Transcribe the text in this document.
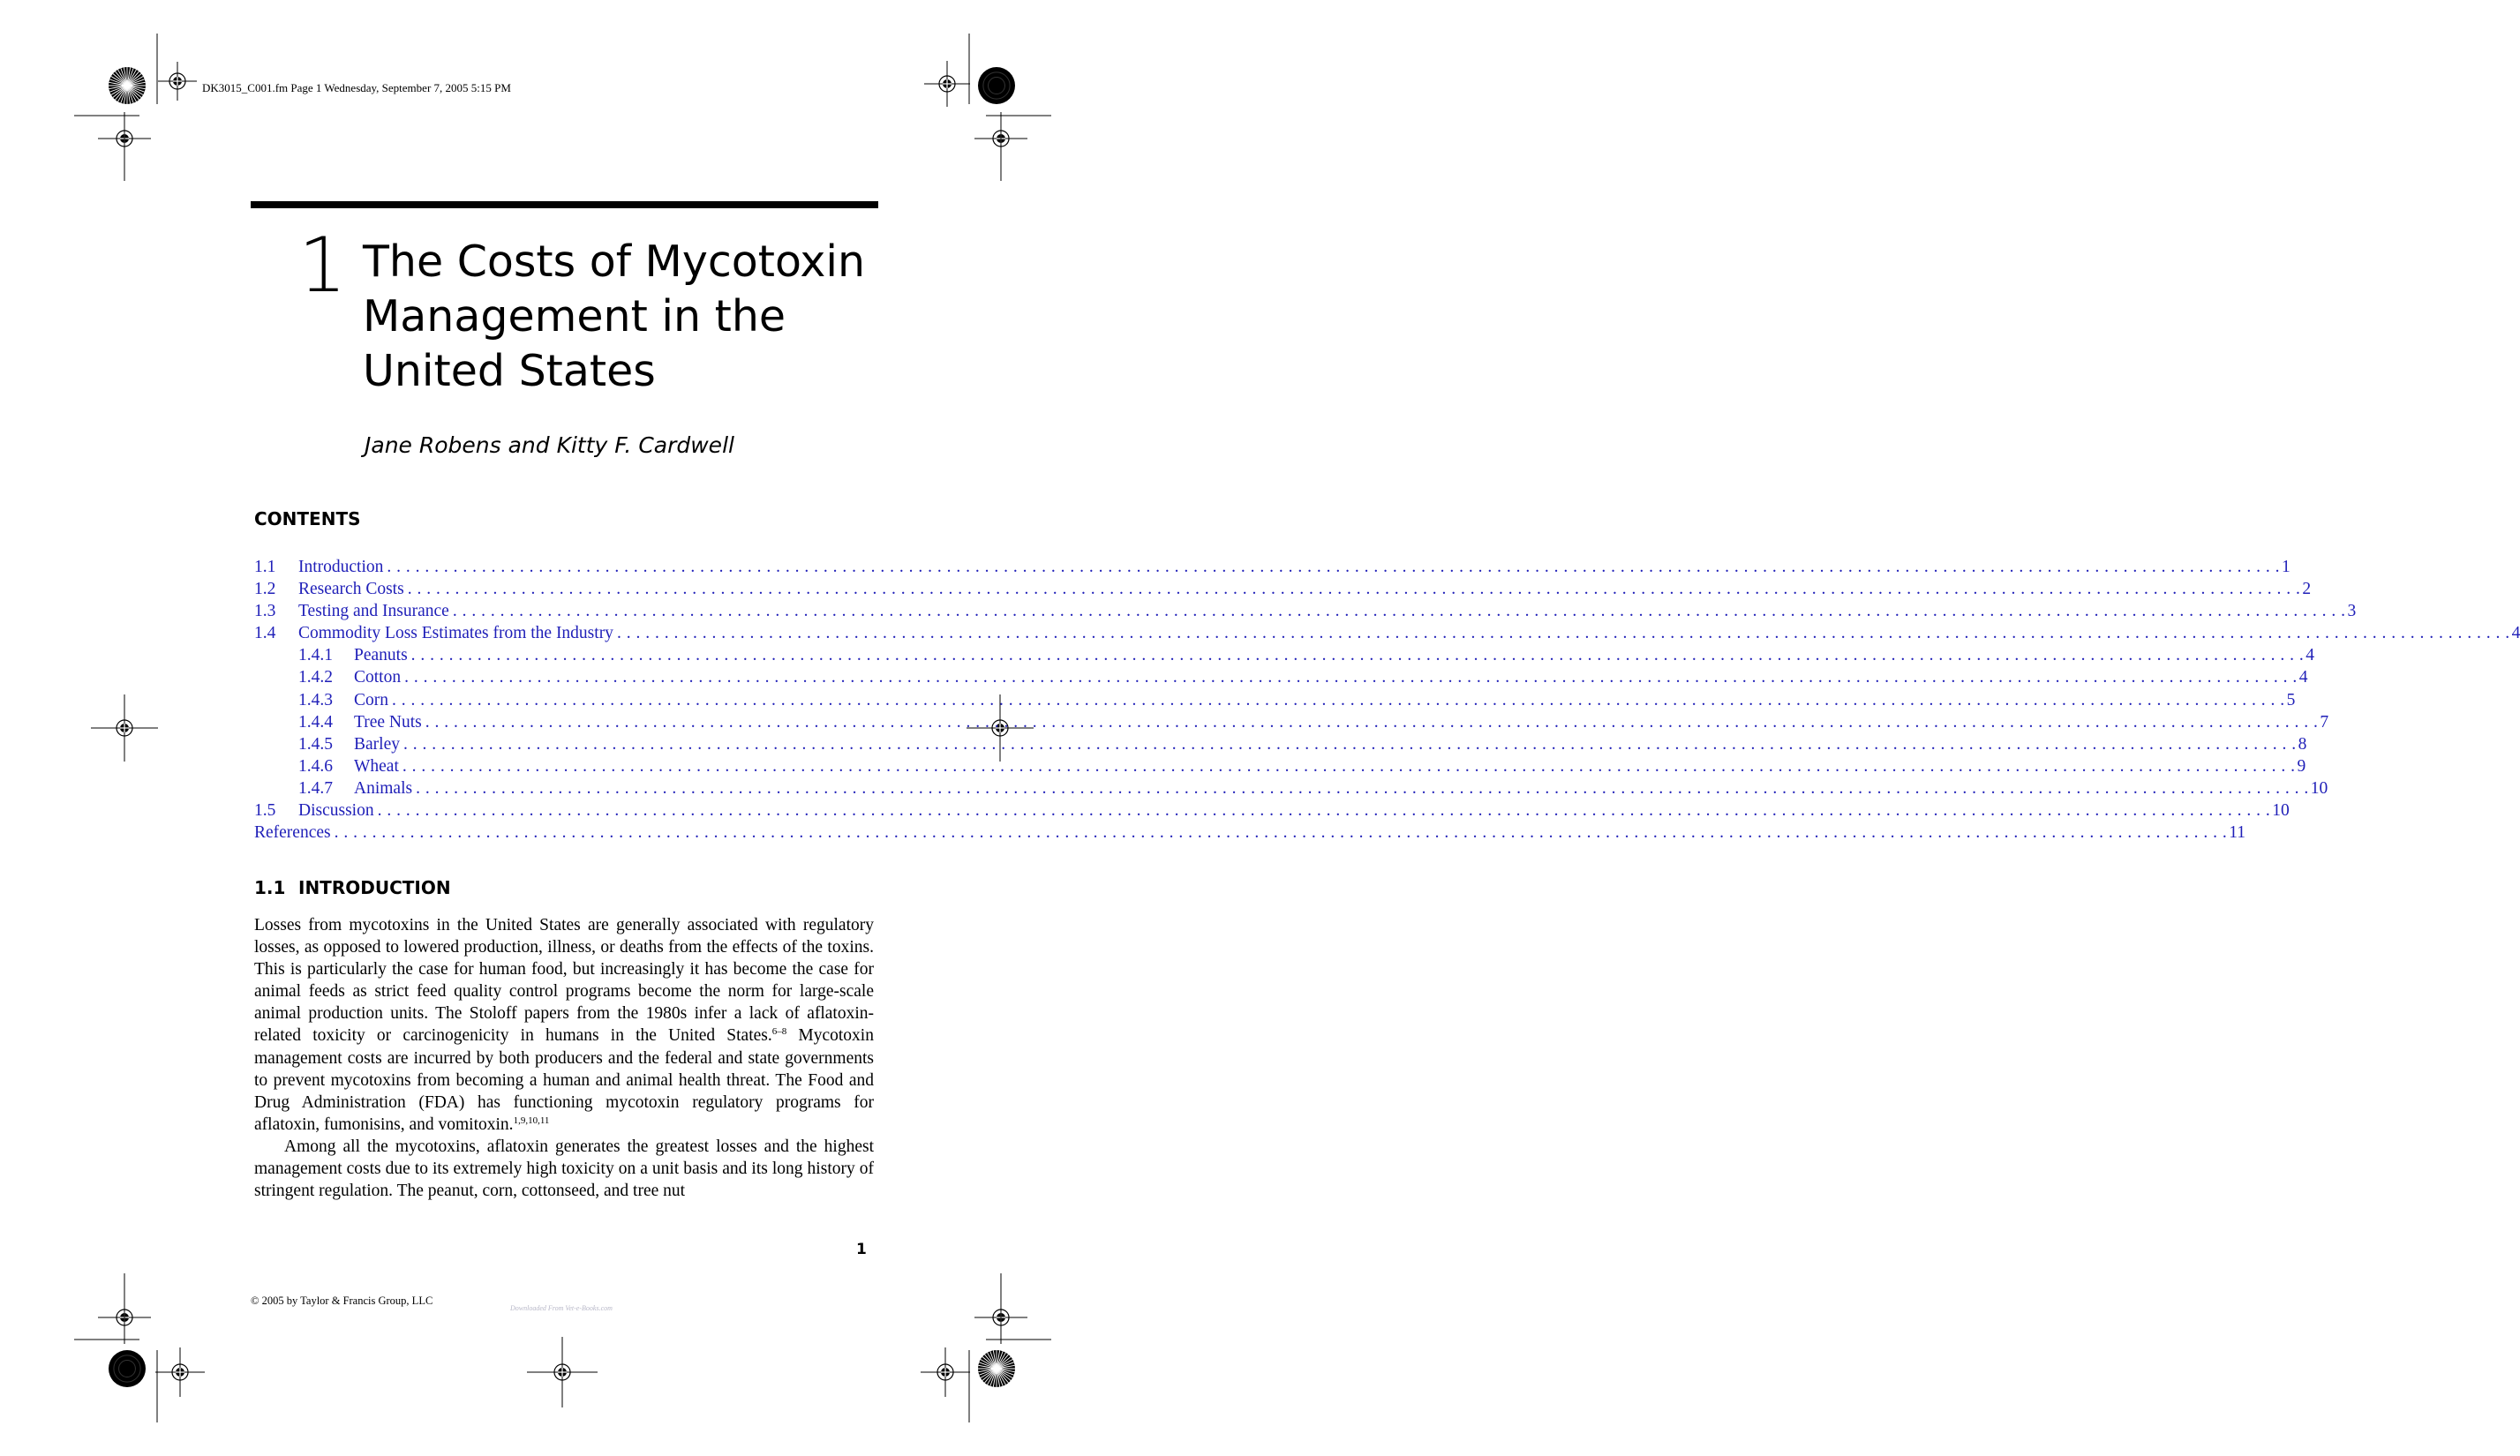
DK3015_C001.fm Page 1 Wednesday, September 7, 2005 5:15 PM
1 The Costs of Mycotoxin
Management in the
United States
Jane Robens and Kitty F. Cardwell
CONTENTS
1.1 Introduction . . . . . . . . . . . . . . . . . . . . . . . . . . . . . . . . . . . . . . . . . . . . . . . . . . . . . . . . . . . . . . . . . . . . . . . . . . . . . . . . . . . . . . . . . . . . . . . . . . . . . . . . . . . . . . . . . . . . . . . . . . . . . . . . . . . . . . . . . . . . . . . . . . . . . . . . . . . . . . . . . . . . . . . . . . . . . . . . . . . . . . . . . . . . . . . . . . . . . . . . 1
1.2 Research Costs . . . . . . . . . . . . . . . . . . . . . . . . . . . . . . . . . . . . . . . . . . . . . . . . . . . . . . . . . . . . . . . . . . . . . . . . . . . . . . . . . . . . . . . . . . . . . . . . . . . . . . . . . . . . . . . . . . . . . . . . . . . . . . . . . . . . . . . . . . . . . . . . . . . . . . . . . . . . . . . . . . . . . . . . . . . . . . . . . . . . . . . . . . . . . . . . . . . . . . . . 2
1.3 Testing and Insurance . . . . . . . . . . . . . . . . . . . . . . . . . . . . . . . . . . . . . . . . . . . . . . . . . . . . . . . . . . . . . . . . . . . . . . . . . . . . . . . . . . . . . . . . . . . . . . . . . . . . . . . . . . . . . . . . . . . . . . . . . . . . . . . . . . . . . . . . . . . . . . . . . . . . . . . . . . . . . . . . . . . . . . . . . . . . . . . . . . . . . . . . . . . . . . . . . . . . . . . . 3
1.4 Commodity Loss Estimates from the Industry . . . . . . . . . . . . . . . . . . . . . . . . . . . . . . . . . . . . . . . . . . . . . . . . . . . . . . . . . . . . . . . . . . . . . . . . . . . . . . . . . . . . . . . . . . . . . . . . . . . . . . . . . . . . . . . . . . . . . . . . . . . . . . . . . . . . . . . . . . . . . . . . . . . . . . . . . . . . . . . . . . . . . . . . . . . . . . . . . . . . . . . . . . . . . . . . . . . . . . . . 4
1.4.1 Peanuts . . . . . . . . . . . . . . . . . . . . . . . . . . . . . . . . . . . . . . . . . . . . . . . . . . . . . . . . . . . . . . . . . . . . . . . . . . . . . . . . . . . . . . . . . . . . . . . . . . . . . . . . . . . . . . . . . . . . . . . . . . . . . . . . . . . . . . . . . . . . . . . . . . . . . . . . . . . . . . . . . . . . . . . . . . . . . . . . . . . . . . . . . . . . . . . . . . . . . . . . 4
1.4.2 Cotton . . . . . . . . . . . . . . . . . . . . . . . . . . . . . . . . . . . . . . . . . . . . . . . . . . . . . . . . . . . . . . . . . . . . . . . . . . . . . . . . . . . . . . . . . . . . . . . . . . . . . . . . . . . . . . . . . . . . . . . . . . . . . . . . . . . . . . . . . . . . . . . . . . . . . . . . . . . . . . . . . . . . . . . . . . . . . . . . . . . . . . . . . . . . . . . . . . . . . . . . 4
1.4.3 Corn . . . . . . . . . . . . . . . . . . . . . . . . . . . . . . . . . . . . . . . . . . . . . . . . . . . . . . . . . . . . . . . . . . . . . . . . . . . . . . . . . . . . . . . . . . . . . . . . . . . . . . . . . . . . . . . . . . . . . . . . . . . . . . . . . . . . . . . . . . . . . . . . . . . . . . . . . . . . . . . . . . . . . . . . . . . . . . . . . . . . . . . . . . . . . . . . . . . . . . . . 5
1.4.4 Tree Nuts . . . . . . . . . . . . . . . . . . . . . . . . . . . . . . . . . . . . . . . . . . . . . . . . . . . . . . . . . . . . . . . . . . . . . . . . . . . . . . . . . . . . . . . . . . . . . . . . . . . . . . . . . . . . . . . . . . . . . . . . . . . . . . . . . . . . . . . . . . . . . . . . . . . . . . . . . . . . . . . . . . . . . . . . . . . . . . . . . . . . . . . . . . . . . . . . . . . . . . . . 7
1.4.5 Barley . . . . . . . . . . . . . . . . . . . . . . . . . . . . . . . . . . . . . . . . . . . . . . . . . . . . . . . . . . . . . . . . . . . . . . . . . . . . . . . . . . . . . . . . . . . . . . . . . . . . . . . . . . . . . . . . . . . . . . . . . . . . . . . . . . . . . . . . . . . . . . . . . . . . . . . . . . . . . . . . . . . . . . . . . . . . . . . . . . . . . . . . . . . . . . . . . . . . . . . . 8
1.4.6 Wheat . . . . . . . . . . . . . . . . . . . . . . . . . . . . . . . . . . . . . . . . . . . . . . . . . . . . . . . . . . . . . . . . . . . . . . . . . . . . . . . . . . . . . . . . . . . . . . . . . . . . . . . . . . . . . . . . . . . . . . . . . . . . . . . . . . . . . . . . . . . . . . . . . . . . . . . . . . . . . . . . . . . . . . . . . . . . . . . . . . . . . . . . . . . . . . . . . . . . . . . . 9
1.4.7 Animals . . . . . . . . . . . . . . . . . . . . . . . . . . . . . . . . . . . . . . . . . . . . . . . . . . . . . . . . . . . . . . . . . . . . . . . . . . . . . . . . . . . . . . . . . . . . . . . . . . . . . . . . . . . . . . . . . . . . . . . . . . . . . . . . . . . . . . . . . . . . . . . . . . . . . . . . . . . . . . . . . . . . . . . . . . . . . . . . . . . . . . . . . . . . . . . . . . . . . . . . 10
1.5 Discussion . . . . . . . . . . . . . . . . . . . . . . . . . . . . . . . . . . . . . . . . . . . . . . . . . . . . . . . . . . . . . . . . . . . . . . . . . . . . . . . . . . . . . . . . . . . . . . . . . . . . . . . . . . . . . . . . . . . . . . . . . . . . . . . . . . . . . . . . . . . . . . . . . . . . . . . . . . . . . . . . . . . . . . . . . . . . . . . . . . . . . . . . . . . . . . . . . . . . . . . . 10
References . . . . . . . . . . . . . . . . . . . . . . . . . . . . . . . . . . . . . . . . . . . . . . . . . . . . . . . . . . . . . . . . . . . . . . . . . . . . . . . . . . . . . . . . . . . . . . . . . . . . . . . . . . . . . . . . . . . . . . . . . . . . . . . . . . . . . . . . . . . . . . . . . . . . . . . . . . . . . . . . . . . . . . . . . . . . . . . . . . . . . . . . . . . . . . . . . . . . . . . . 11
1.1 INTRODUCTION

Losses from mycotoxins in the United States are generally associated with regulatory losses, as opposed to lowered production, illness, or deaths from the effects of the toxins. This is particularly the case for human food, but increasingly it has become the case for animal feeds as strict feed quality control programs become the norm for large-scale animal production units. The Stoloff papers from the 1980s infer a lack of aflatoxin-related toxicity or carcinogenicity in humans in the United States.$^{6-8}$ Mycotoxin management costs are incurred by both producers and the federal and state governments to prevent mycotoxins from becoming a human and animal health threat. The Food and Drug Administration (FDA) has functioning mycotoxin regulatory programs for aflatoxin, fumonisins, and vomitoxin.$^{1,9,10,11}$

Among all the mycotoxins, aflatoxin generates the greatest losses and the highest management costs due to its extremely high toxicity on a unit basis and its long history of stringent regulation. The peanut, corn, cottonseed, and tree nut

1
© 2005 by Taylor & Francis Group, LLC
Downloaded From Vet-e-Books.com
